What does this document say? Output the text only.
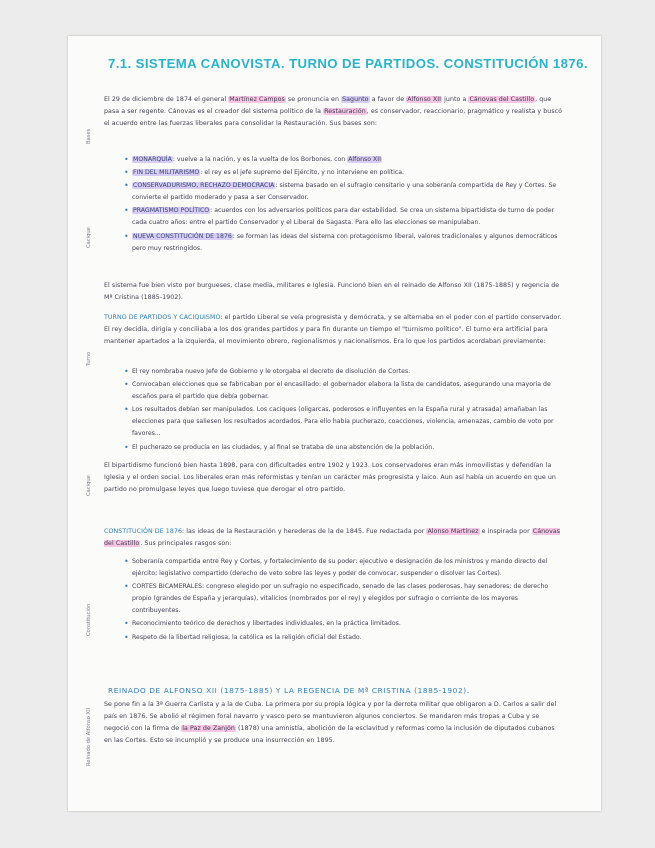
7.1. SISTEMA CANOVISTA. TURNO DE PARTIDOS. CONSTITUCIÓN 1876.
El 29 de diciembre de 1874 el general Martínez Campos se pronuncia en Sagunto a favor de Alfonso XII junto a Cánovas del Castillo, que pasa a ser regente. Cánovas es el creador del sistema político de la Restauración, es conservador, reaccionario, pragmático y realista y buscó el acuerdo entre las fuerzas liberales para consolidar la Restauración. Sus bases son:
• MONARQUÍA: vuelve a la nación, y es la vuelta de los Borbones, con Alfonso XII
• FIN DEL MILITARISMO: el rey es el jefe supremo del Ejército, y no interviene en política.
• CONSERVADURISMO, RECHAZO DEMOCRACIA: sistema basado en el sufragio censitario y una soberanía compartida de Rey y Cortes. Se convierte el partido moderado y pasa a ser Conservador.
• PRAGMATISMO POLÍTICO: acuerdos con los adversarios políticos para dar estabilidad. Se crea un sistema bipartidista de turno de poder cada cuatro años: entre el partido Conservador y el Liberal de Sagasta. Para ello las elecciones se manipulaban.
• NUEVA CONSTITUCIÓN DE 1876: se forman las ideas del sistema con protagonismo liberal, valores tradicionales y algunos democráticos pero muy restringidos.
El sistema fue bien visto por burgueses, clase media, militares e Iglesia. Funcionó bien en el reinado de Alfonso XII (1875-1885) y regencia de Mª Cristina (1885-1902).
TURNO DE PARTIDOS Y CACIQUISMO: el partido Liberal se veía progresista y demócrata, y se alternaba en el poder con el partido conservador. El rey decidía, dirigía y conciliaba a los dos grandes partidos y para fin durante un tiempo el "turnismo político". El turno era artificial para mantener apartados a la izquierda, el movimiento obrero, regionalismos y nacionalismos. Era lo que los partidos acordaban previamente:
• El rey nombraba nuevo Jefe de Gobierno y le otorgaba el decreto de disolución de Cortes.
• Convocaban elecciones que se fabricaban por el encasillado: el gobernador elabora la lista de candidatos, asegurando una mayoría de escaños para el partido que debía gobernar.
• Los resultados debían ser manipulados. Los caciques (oligarcas, poderosos e influyentes en la España rural y atrasada) amañaban las elecciones para que saliesen los resultados acordados. Para ello había pucherazo, coacciones, violencia, amenazas, cambio de voto por favores...
• El pucherazo se producía en las ciudades, y al final se trataba de una abstención de la población.
El bipartidismo funcionó bien hasta 1898, para con dificultades entre 1902 y 1923. Los conservadores eran más inmovilistas y defendían la Iglesia y el orden social. Los liberales eran más reformistas y tenían un carácter más progresista y laico. Aun así había un acuerdo en que un partido no promulgase leyes que luego tuviese que derogar el otro partido.
CONSTITUCIÓN DE 1876: las ideas de la Restauración y herederas de la de 1845. Fue redactada por Alonso Martínez e inspirada por Cánovas del Castillo. Sus principales rasgos son:
• Soberanía compartida entre Rey y Cortes, y fortalecimiento de su poder: ejecutivo e designación de los ministros y mando directo del ejército; legislativo compartido (derecho de veto sobre las leyes y poder de convocar, suspender o disolver las Cortes).
• CORTES BICAMERALES: congreso elegido por un sufragio no especificado, senado de las clases poderosas, hay senadores: de derecho propio (grandes de España y jerarquías), vitalicios (nombrados por el rey) y elegidos por sufragio o corriente de los mayores contribuyentes.
• Reconocimiento teórico de derechos y libertades individuales, en la práctica limitados.
• Respeto de la libertad religiosa, la católica es la religión oficial del Estado.
REINADO DE ALFONSO XII (1875-1885) Y LA REGENCIA DE Mª CRISTINA (1885-1902).
Se pone fin a la 3ª Guerra Carlista y a la de Cuba. La primera por su propia lógica y por la derrota militar que obligaron a D. Carlos a salir del país en 1876. Se abolió el régimen foral navarro y vasco pero se mantuvieron algunos conciertos. Se mandaron más tropas a Cuba y se negoció con la firma de la Paz de Zanjón (1878) una amnistía, abolición de la esclavitud y reformas como la inclusión de diputados cubanos en las Cortes. Esto se incumplió y se produce una insurrección en 1895.
Bases
Cacique
Turno
Cacique
Constitución
Reinado de Alfonso XII
